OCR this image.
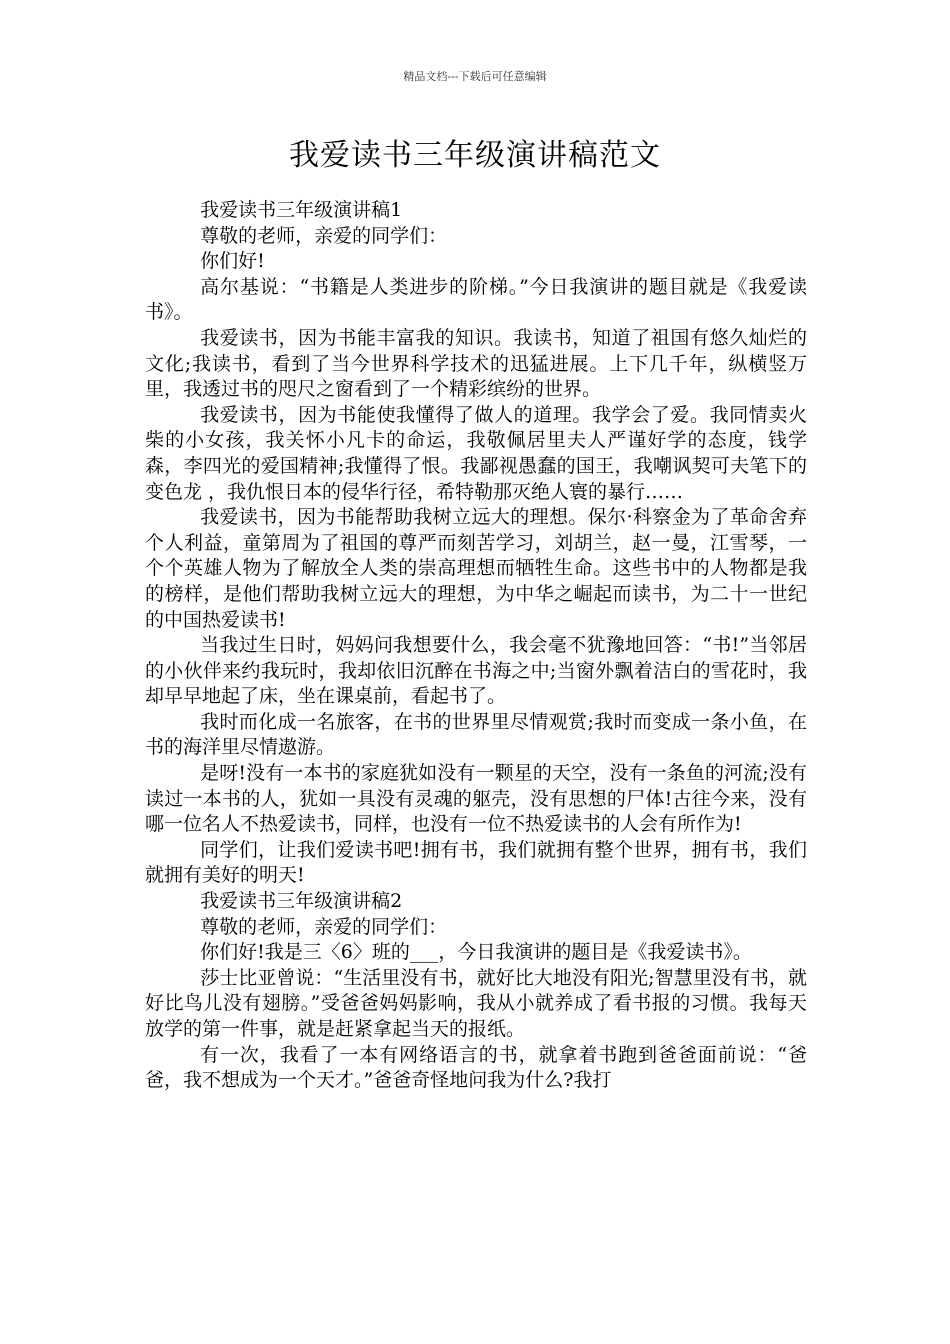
精品文档---下载后可任意编辑
我爱读书三年级演讲稿范文

我爱读书三年级演讲稿1

尊敬的老师，亲爱的同学们：

你们好!

高尔基说：“书籍是人类进步的阶梯。”今日我演讲的题目就是《我爱读书》。

我爱读书，因为书能丰富我的知识。我读书，知道了祖国有悠久灿烂的文化;我读书，看到了当今世界科学技术的迅猛进展。上下几千年，纵横竖万里，我透过书的咫尺之窗看到了一个精彩缤纷的世界。

我爱读书，因为书能使我懂得了做人的道理。我学会了爱。我同情卖火柴的小女孩，我关怀小凡卡的命运，我敬佩居里夫人严谨好学的态度，钱学森，李四光的爱国精神;我懂得了恨。我鄙视愚蠢的国王，我嘲讽契可夫笔下的 变色龙 ，我仇恨日本的侵华行径，希特勒那灭绝人寰的暴行……

我爱读书，因为书能帮助我树立远大的理想。保尔·科察金为了革命舍弃个人利益，童第周为了祖国的尊严而刻苦学习，刘胡兰，赵一曼，江雪琴，一个个英雄人物为了解放全人类的崇高理想而牺牲生命。这些书中的人物都是我的榜样，是他们帮助我树立远大的理想，为中华之崛起而读书，为二十一世纪的中国热爱读书!

当我过生日时，妈妈问我想要什么，我会毫不犹豫地回答：“书!”当邻居的小伙伴来约我玩时，我却依旧沉醉在书海之中;当窗外飘着洁白的雪花时，我却早早地起了床，坐在课桌前，看起书了。

我时而化成一名旅客，在书的世界里尽情观赏;我时而变成一条小鱼，在书的海洋里尽情遨游。

是呀!没有一本书的家庭犹如没有一颗星的天空，没有一条鱼的河流;没有读过一本书的人，犹如一具没有灵魂的躯壳，没有思想的尸体!古往今来，没有哪一位名人不热爱读书，同样，也没有一位不热爱读书的人会有所作为!

同学们，让我们爱读书吧!拥有书，我们就拥有整个世界，拥有书，我们就拥有美好的明天!

我爱读书三年级演讲稿2

尊敬的老师，亲爱的同学们：

你们好!我是三〈6〉班的___，今日我演讲的题目是《我爱读书》。

莎士比亚曾说：“生活里没有书，就好比大地没有阳光;智慧里没有书，就好比鸟儿没有翅膀。”受爸爸妈妈影响，我从小就养成了看书报的习惯。我每天放学的第一件事，就是赶紧拿起当天的报纸。

有一次，我看了一本有网络语言的书，就拿着书跑到爸爸面前说：“爸爸，我不想成为一个天才。”爸爸奇怪地问我为什么?我打
